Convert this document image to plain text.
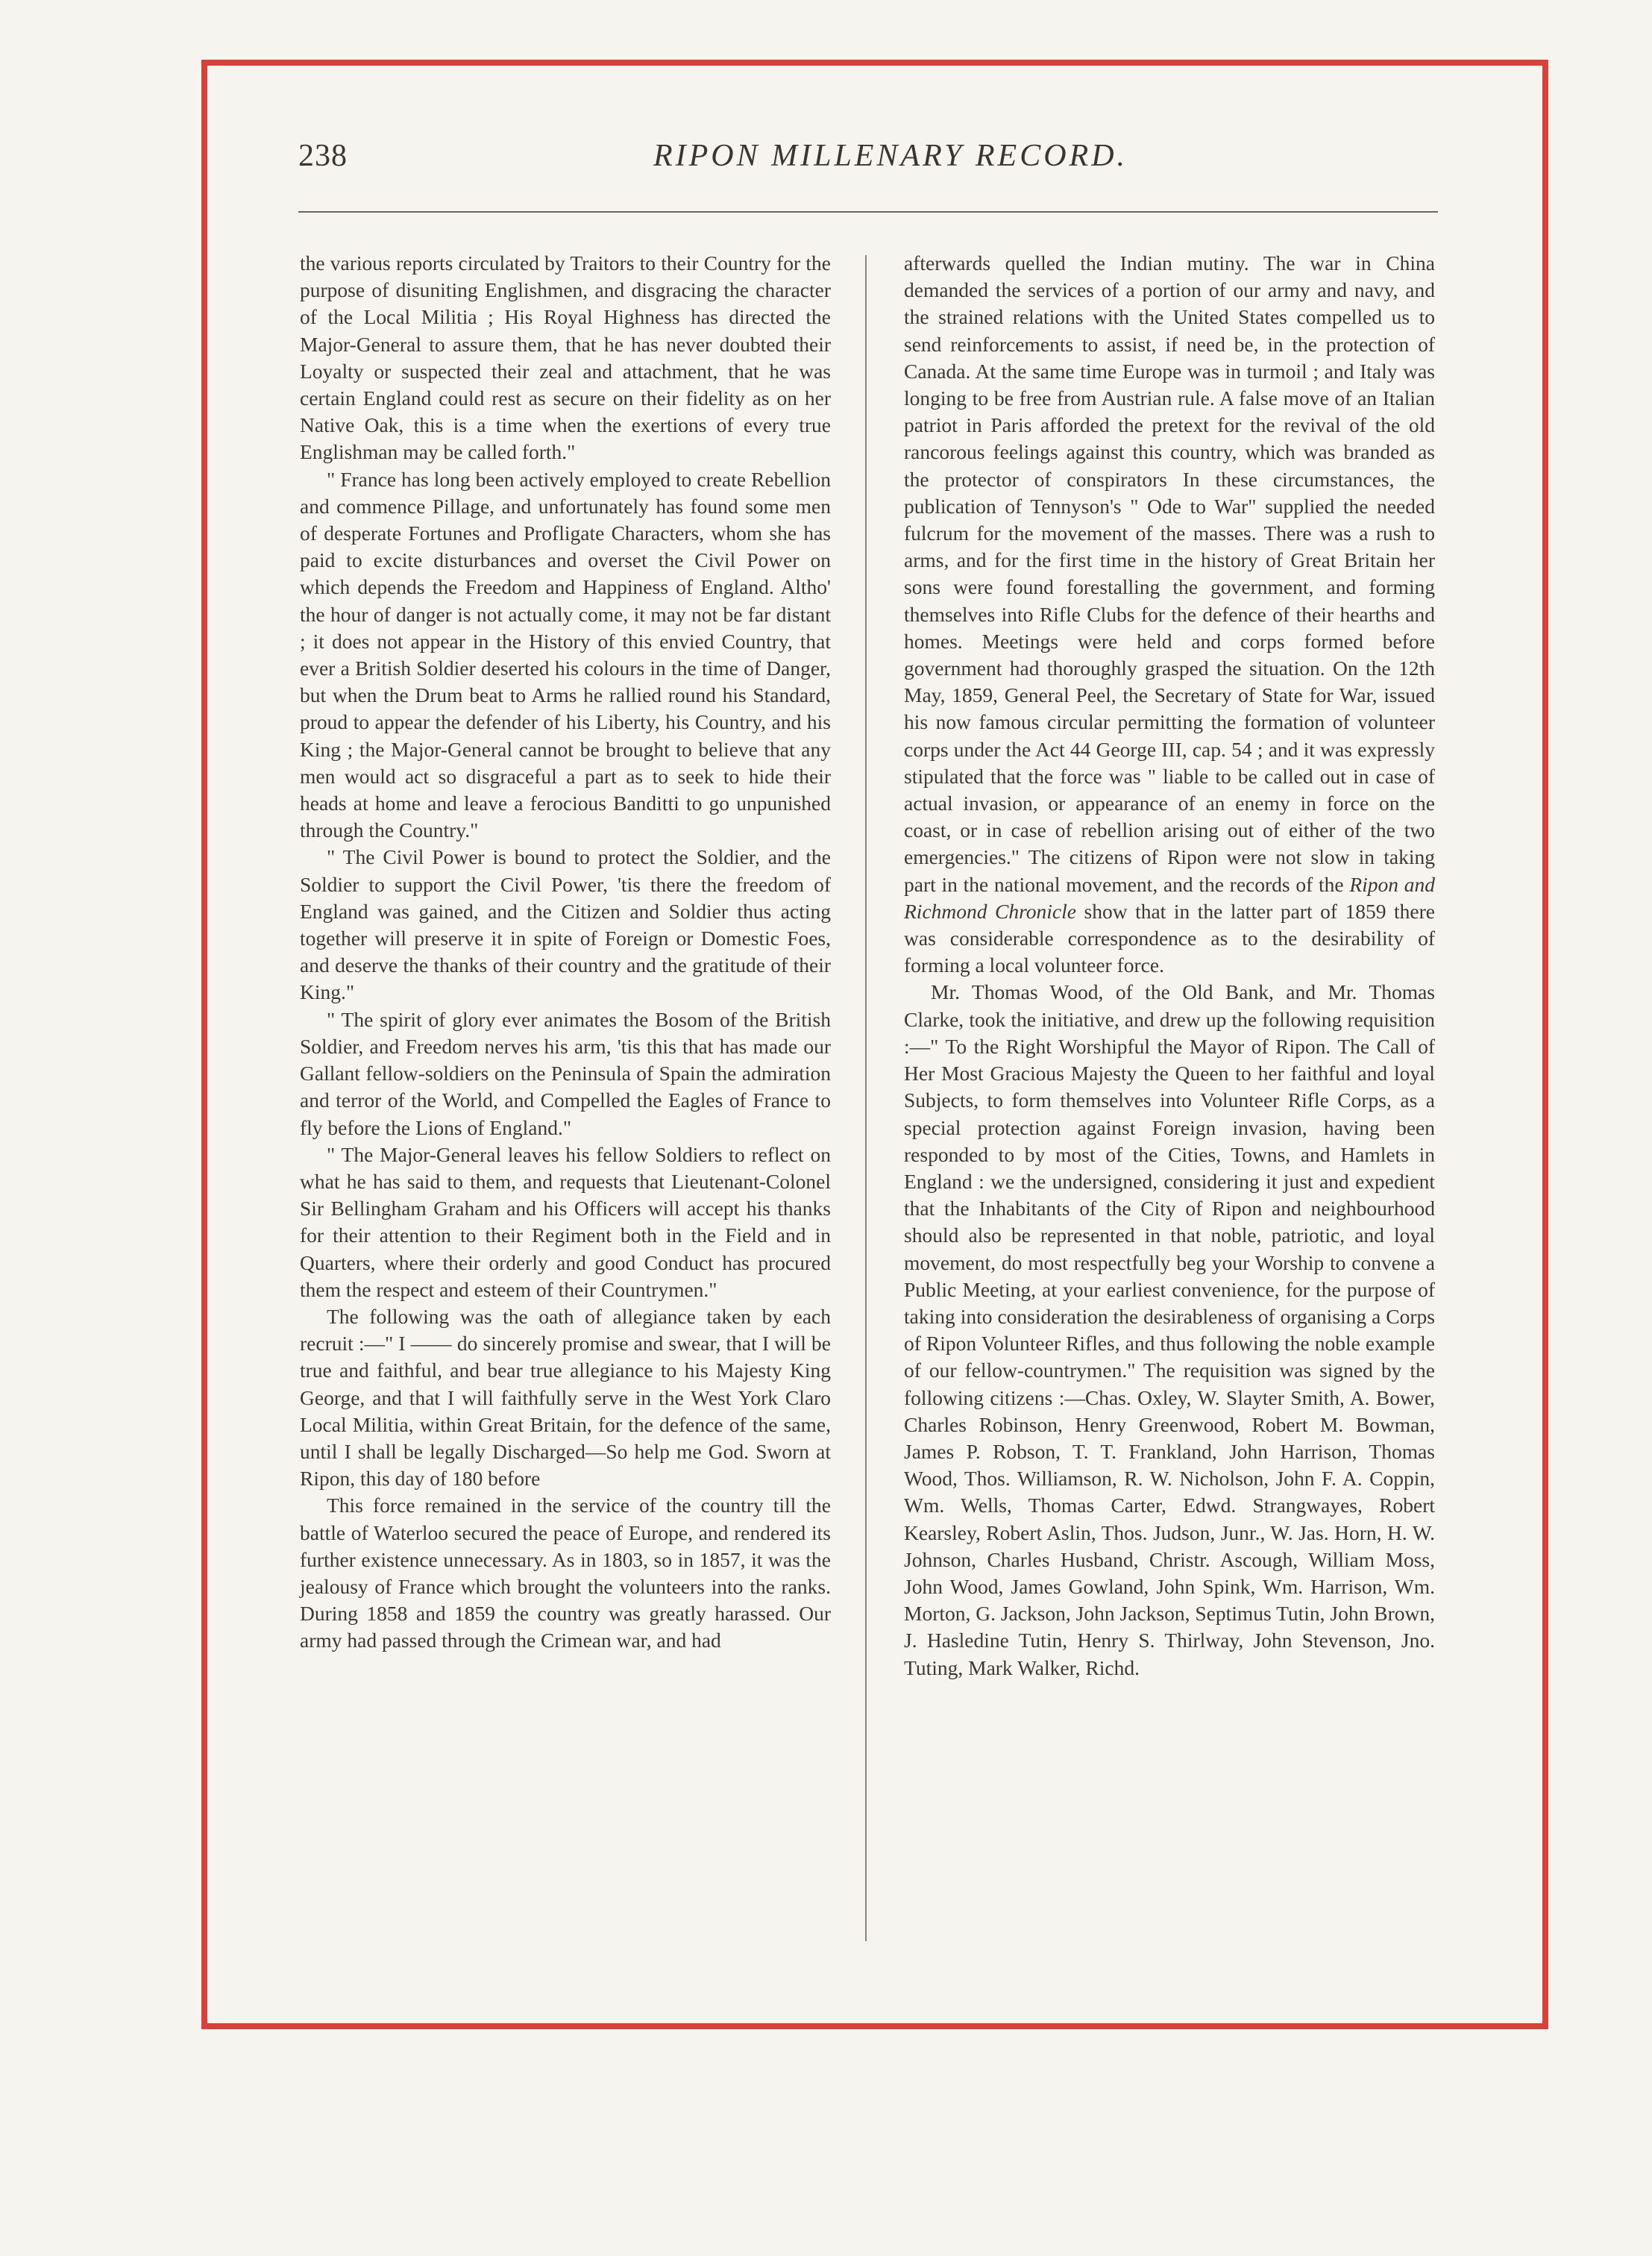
238	RIPON MILLENARY RECORD.

the various reports circulated by Traitors to their Country for the purpose of disuniting Englishmen, and disgracing the character of the Local Militia ; His Royal Highness has directed the Major-General to assure them, that he has never doubted their Loyalty or suspected their zeal and attachment, that he was certain England could rest as secure on their fidelity as on her Native Oak, this is a time when the exertions of every true Englishman may be called forth."

" France has long been actively employed to create Rebellion and commence Pillage, and unfortunately has found some men of desperate Fortunes and Profligate Characters, whom she has paid to excite disturbances and overset the Civil Power on which depends the Freedom and Happiness of England. Altho' the hour of danger is not actually come, it may not be far distant ; it does not appear in the History of this envied Country, that ever a British Soldier deserted his colours in the time of Danger, but when the Drum beat to Arms he rallied round his Standard, proud to appear the defender of his Liberty, his Country, and his King ; the Major-General cannot be brought to believe that any men would act so disgraceful a part as to seek to hide their heads at home and leave a ferocious Banditti to go unpunished through the Country."

" The Civil Power is bound to protect the Soldier, and the Soldier to support the Civil Power, 'tis there the freedom of England was gained, and the Citizen and Soldier thus acting together will preserve it in spite of Foreign or Domestic Foes, and deserve the thanks of their country and the gratitude of their King."

" The spirit of glory ever animates the Bosom of the British Soldier, and Freedom nerves his arm, 'tis this that has made our Gallant fellow-soldiers on the Peninsula of Spain the admiration and terror of the World, and Compelled the Eagles of France to fly before the Lions of England."

" The Major-General leaves his fellow Soldiers to reflect on what he has said to them, and requests that Lieutenant-Colonel Sir Bellingham Graham and his Officers will accept his thanks for their attention to their Regiment both in the Field and in Quarters, where their orderly and good Conduct has procured them the respect and esteem of their Countrymen."

The following was the oath of allegiance taken by each recruit :—" I —— do sincerely promise and swear, that I will be true and faithful, and bear true allegiance to his Majesty King George, and that I will faithfully serve in the West York Claro Local Militia, within Great Britain, for the defence of the same, until I shall be legally Discharged—So help me God. Sworn at Ripon, this day of 180 before

This force remained in the service of the country till the battle of Waterloo secured the peace of Europe, and rendered its further existence unnecessary. As in 1803, so in 1857, it was the jealousy of France which brought the volunteers into the ranks. During 1858 and 1859 the country was greatly harassed. Our army had passed through the Crimean war, and had

afterwards quelled the Indian mutiny. The war in China demanded the services of a portion of our army and navy, and the strained relations with the United States compelled us to send reinforcements to assist, if need be, in the protection of Canada. At the same time Europe was in turmoil ; and Italy was longing to be free from Austrian rule. A false move of an Italian patriot in Paris afforded the pretext for the revival of the old rancorous feelings against this country, which was branded as the protector of conspirators In these circumstances, the publication of Tennyson's " Ode to War" supplied the needed fulcrum for the movement of the masses. There was a rush to arms, and for the first time in the history of Great Britain her sons were found forestalling the government, and forming themselves into Rifle Clubs for the defence of their hearths and homes. Meetings were held and corps formed before government had thoroughly grasped the situation. On the 12th May, 1859, General Peel, the Secretary of State for War, issued his now famous circular permitting the formation of volunteer corps under the Act 44 George III, cap. 54 ; and it was expressly stipulated that the force was " liable to be called out in case of actual invasion, or appearance of an enemy in force on the coast, or in case of rebellion arising out of either of the two emergencies." The citizens of Ripon were not slow in taking part in the national movement, and the records of the Ripon and Richmond Chronicle show that in the latter part of 1859 there was considerable correspondence as to the desirability of forming a local volunteer force.

Mr. Thomas Wood, of the Old Bank, and Mr. Thomas Clarke, took the initiative, and drew up the following requisition :—" To the Right Worshipful the Mayor of Ripon. The Call of Her Most Gracious Majesty the Queen to her faithful and loyal Subjects, to form themselves into Volunteer Rifle Corps, as a special protection against Foreign invasion, having been responded to by most of the Cities, Towns, and Hamlets in England : we the undersigned, considering it just and expedient that the Inhabitants of the City of Ripon and neighbourhood should also be represented in that noble, patriotic, and loyal movement, do most respectfully beg your Worship to convene a Public Meeting, at your earliest convenience, for the purpose of taking into consideration the desirableness of organising a Corps of Ripon Volunteer Rifles, and thus following the noble example of our fellow-countrymen." The requisition was signed by the following citizens :—Chas. Oxley, W. Slayter Smith, A. Bower, Charles Robinson, Henry Greenwood, Robert M. Bowman, James P. Robson, T. T. Frankland, John Harrison, Thomas Wood, Thos. Williamson, R. W. Nicholson, John F. A. Coppin, Wm. Wells, Thomas Carter, Edwd. Strangwayes, Robert Kearsley, Robert Aslin, Thos. Judson, Junr., W. Jas. Horn, H. W. Johnson, Charles Husband, Christr. Ascough, William Moss, John Wood, James Gowland, John Spink, Wm. Harrison, Wm. Morton, G. Jackson, John Jackson, Septimus Tutin, John Brown, J. Hasledine Tutin, Henry S. Thirlway, John Stevenson, Jno. Tuting, Mark Walker, Richd.
